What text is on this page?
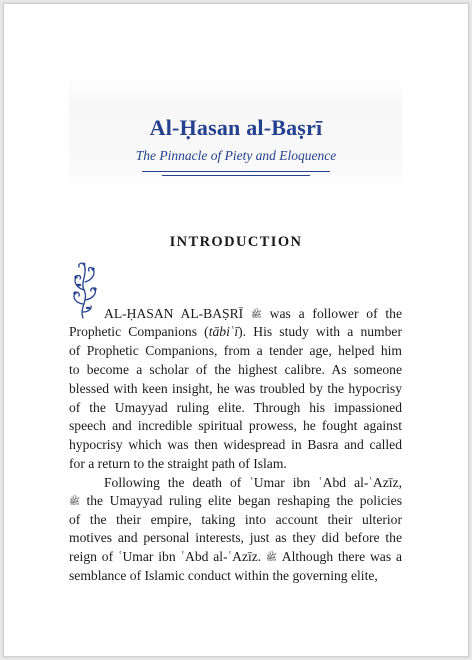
Al-Ḥasan al-Baṣrī
The Pinnacle of Piety and Eloquence
INTRODUCTION
AL-ḤASAN AL-BAṢRĪ ﷺ was a follower of the
Prophetic Companions (tābiʿī). His study with a number
of Prophetic Companions, from a tender age, helped him
to become a scholar of the highest calibre. As someone
blessed with keen insight, he was troubled by the hypocrisy
of the Umayyad ruling elite. Through his impassioned
speech and incredible spiritual prowess, he fought against
hypocrisy which was then widespread in Basra and called
for a return to the straight path of Islam.
Following the death of ʿUmar ibn ʿAbd al-ʿAzīz,
ﷺ the Umayyad ruling elite began reshaping the policies
of the their empire, taking into account their ulterior
motives and personal interests, just as they did before the
reign of ʿUmar ibn ʿAbd al-ʿAzīz. ﷺ Although there was a
semblance of Islamic conduct within the governing elite,
